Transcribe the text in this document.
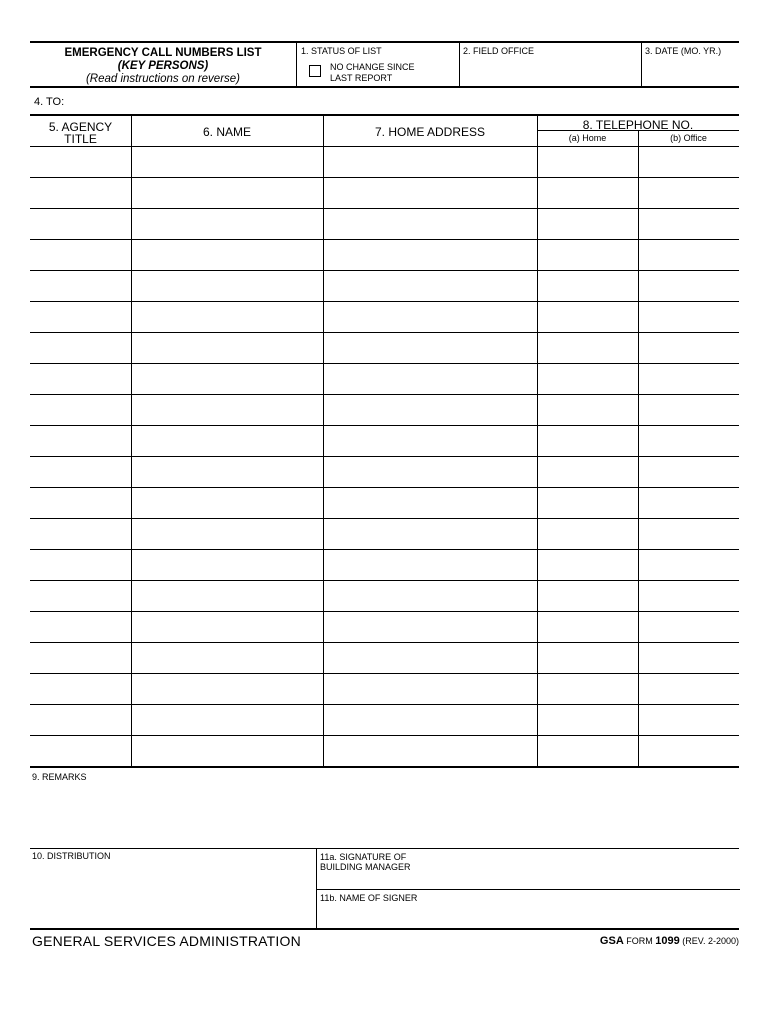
EMERGENCY CALL NUMBERS LIST
(KEY PERSONS)
(Read instructions on reverse)
1. STATUS OF LIST
NO CHANGE SINCE
LAST REPORT
2. FIELD OFFICE	3. DATE (MO. YR.)
4. TO:
5. AGENCY
TITLE	6. NAME	7. HOME ADDRESS	8. TELEPHONE NO.
(a) Home	(b) Office
9. REMARKS
10. DISTRIBUTION	11a. SIGNATURE OF
BUILDING MANAGER
11b. NAME OF SIGNER
GENERAL SERVICES ADMINISTRATION	GSA FORM 1099 (REV. 2-2000)
